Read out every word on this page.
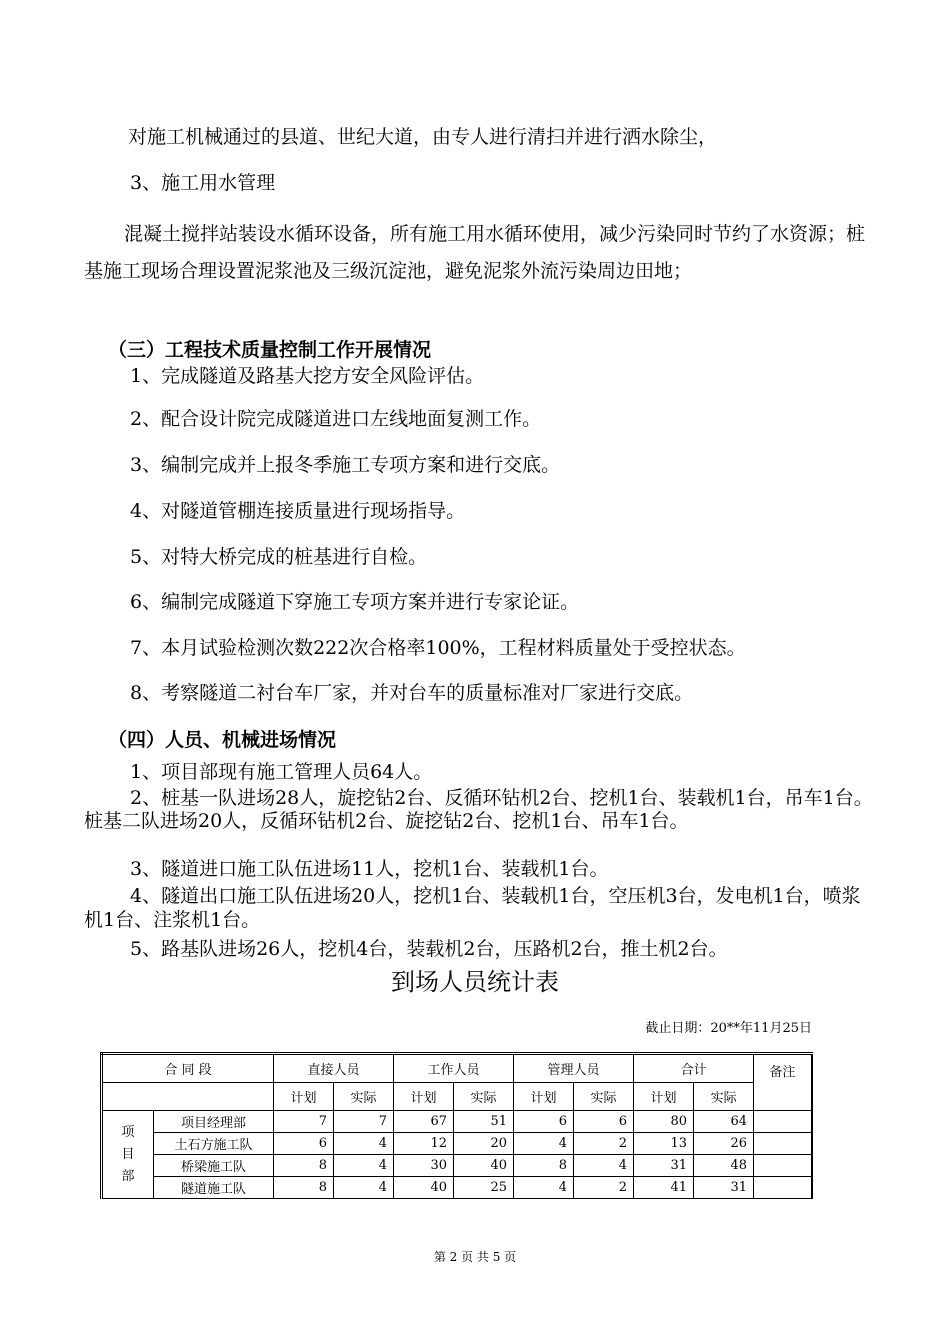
对施工机械通过的县道、世纪大道，由专人进行清扫并进行洒水除尘，
3、施工用水管理
混凝土搅拌站装设水循环设备，所有施工用水循环使用，减少污染同时节约了水资源；桩基施工现场合理设置泥浆池及三级沉淀池，避免泥浆外流污染周边田地；
（三）工程技术质量控制工作开展情况
1、完成隧道及路基大挖方安全风险评估。
2、配合设计院完成隧道进口左线地面复测工作。
3、编制完成并上报冬季施工专项方案和进行交底。
4、对隧道管棚连接质量进行现场指导。
5、对特大桥完成的桩基进行自检。
6、编制完成隧道下穿施工专项方案并进行专家论证。
7、本月试验检测次数222次合格率100%，工程材料质量处于受控状态。
8、考察隧道二衬台车厂家，并对台车的质量标准对厂家进行交底。
（四）人员、机械进场情况
1、项目部现有施工管理人员64人。
2、桩基一队进场28人，旋挖钻2台、反循环钻机2台、挖机1台、装载机1台，吊车1台。桩基二队进场20人，反循环钻机2台、旋挖钻2台、挖机1台、吊车1台。
3、隧道进口施工队伍进场11人，挖机1台、装载机1台。
4、隧道出口施工队伍进场20人，挖机1台、装载机1台，空压机3台，发电机1台，喷浆机1台、注浆机1台。
5、路基队进场26人，挖机4台，装载机2台，压路机2台，推土机2台。
到场人员统计表
截止日期：20**年11月25日
合 同 段		直接人员		工作人员		管理人员		合计		备注
		计划	实际	计划	实际	计划	实际	计划	实际	

项
目
部	项目经理部	7	7	67	51	6	6	80	64	
	土石方施工队	6	4	12	20	4	2	13	26	
	桥梁施工队	8	4	30	40	8	4	31	48	
	隧道施工队	8	4	40	25	4	2	41	31	
第 2 页 共 5 页
